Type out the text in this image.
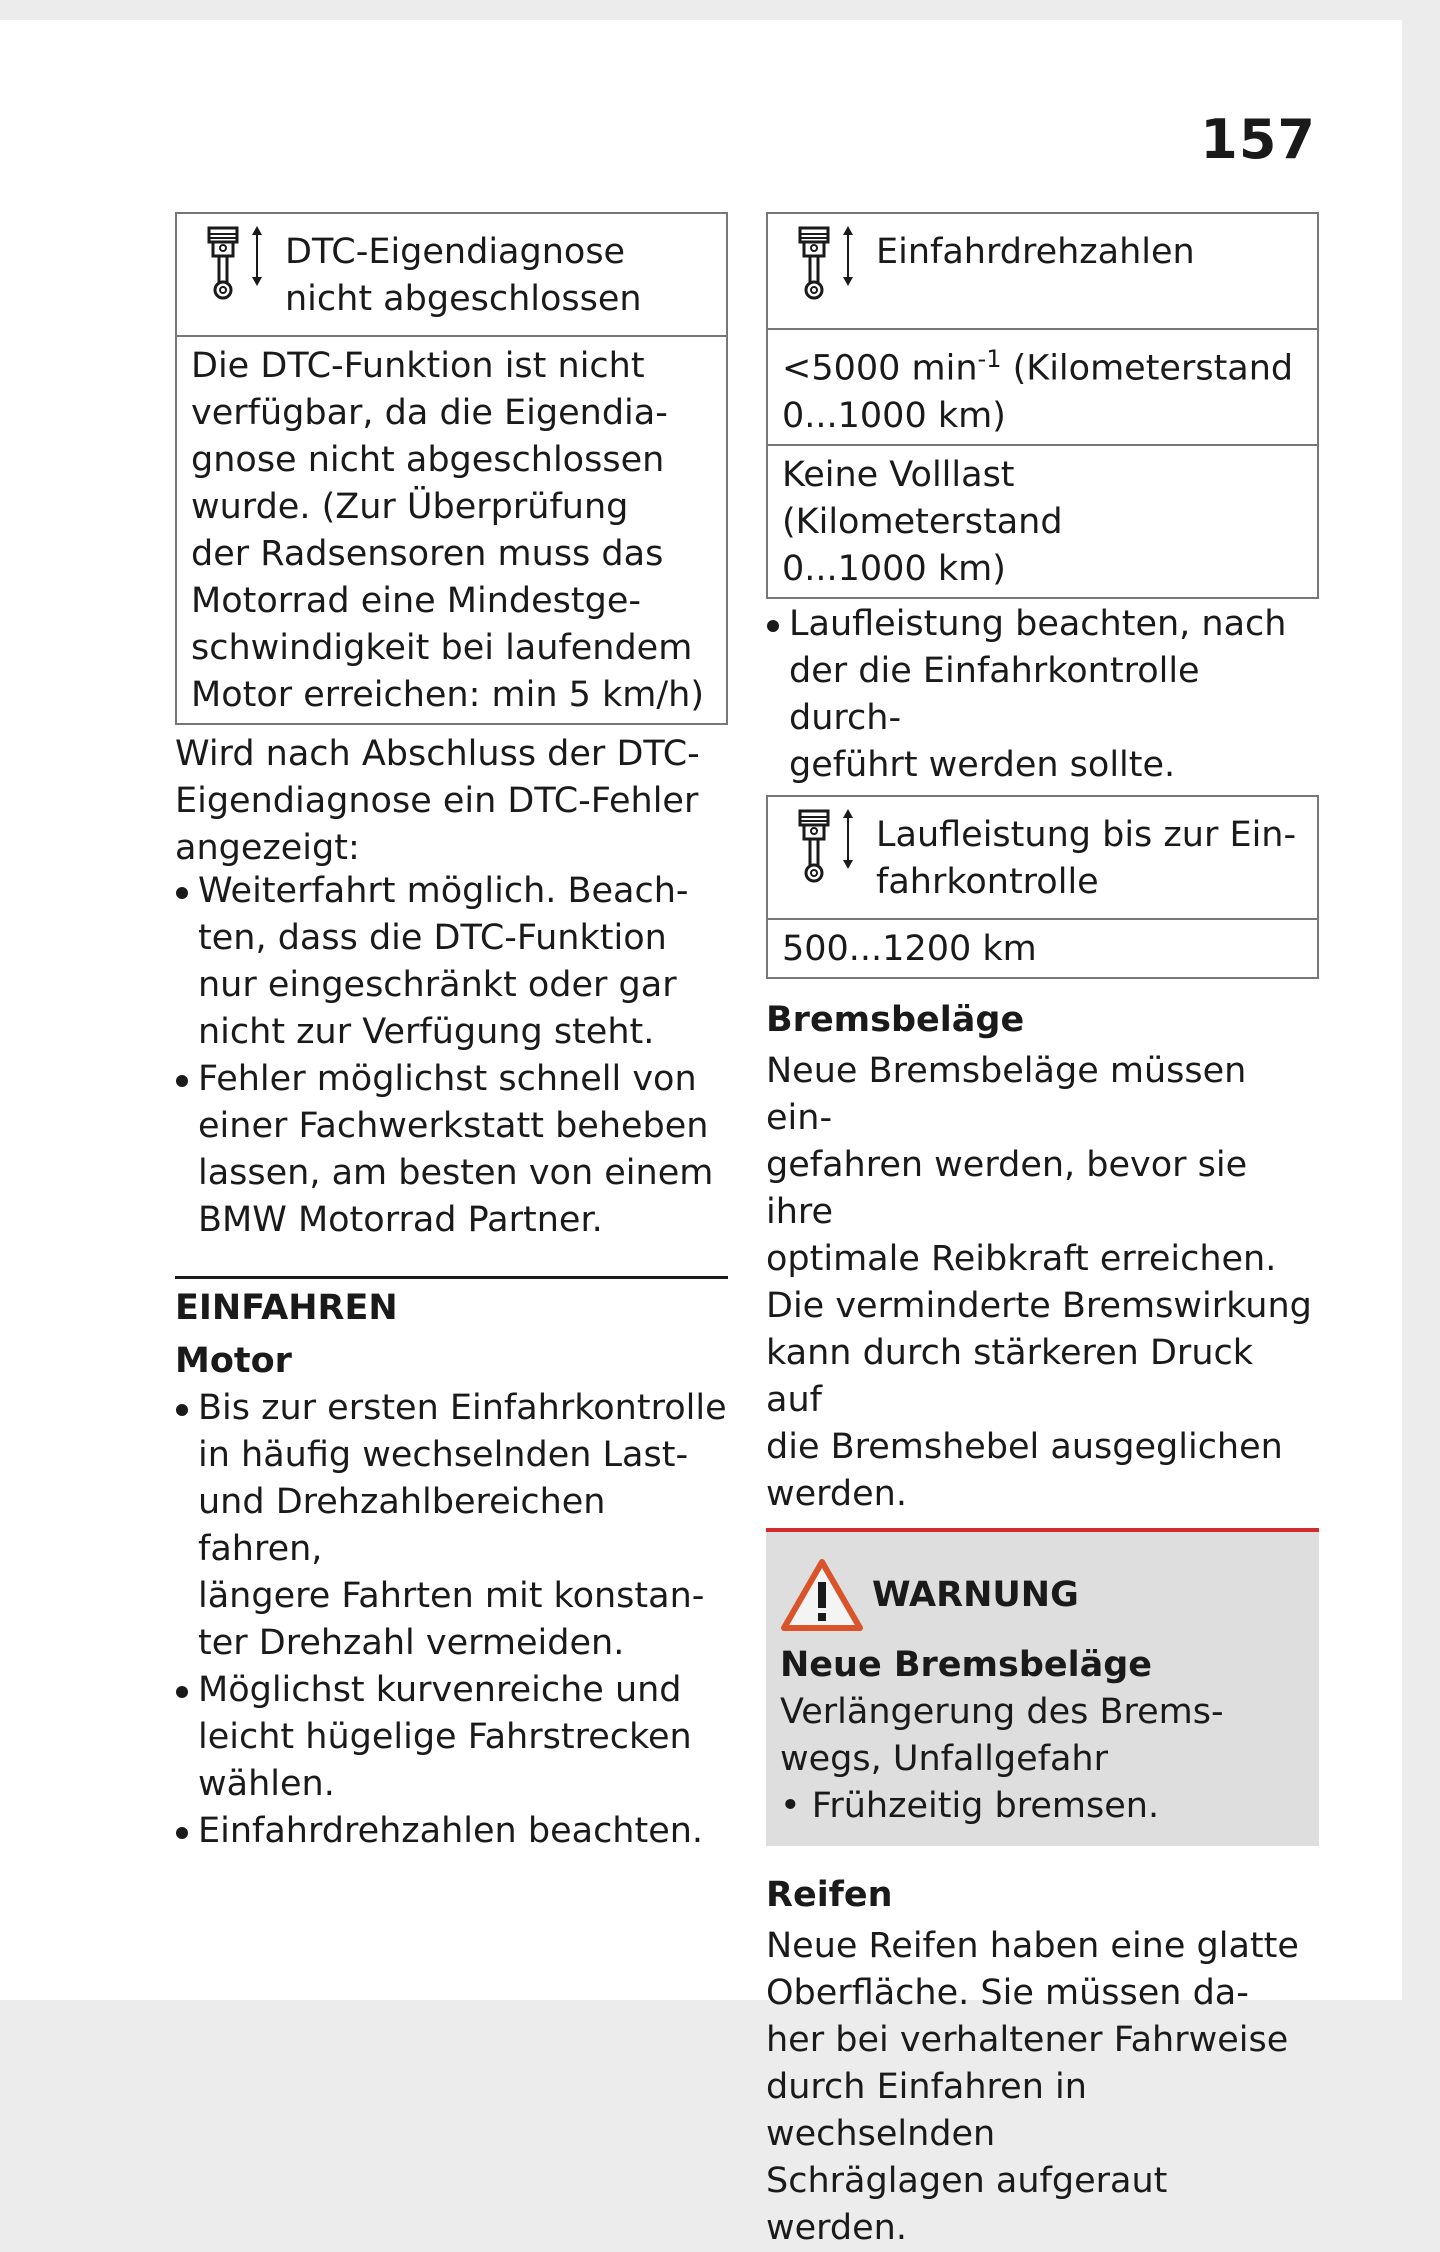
157
DTC-Eigendiagnose
nicht abgeschlossen
Die DTC-Funktion ist nicht
verfügbar, da die Eigendia-
gnose nicht abgeschlossen
wurde. (Zur Überprüfung
der Radsensoren muss das
Motorrad eine Mindestge-
schwindigkeit bei laufendem
Motor erreichen: min 5 km/h)
Wird nach Abschluss der DTC-
Eigendiagnose ein DTC-Fehler
angezeigt:
Weiterfahrt möglich. Beach-
ten, dass die DTC-Funktion
nur eingeschränkt oder gar
nicht zur Verfügung steht.
Fehler möglichst schnell von
einer Fachwerkstatt beheben
lassen, am besten von einem
BMW Motorrad Partner.
EINFAHREN
Motor
Bis zur ersten Einfahrkontrolle
in häufig wechselnden Last-
und Drehzahlbereichen fahren,
längere Fahrten mit konstan-
ter Drehzahl vermeiden.
Möglichst kurvenreiche und
leicht hügelige Fahrstrecken
wählen.
Einfahrdrehzahlen beachten.
Einfahrdrehzahlen
<5000 $\min^{-1}$ (Kilometerstand
0...1000 km)
Keine Volllast (Kilometerstand
0...1000 km)
Laufleistung beachten, nach
der die Einfahrkontrolle durch-
geführt werden sollte.
Laufleistung bis zur Ein-
fahrkontrolle
500...1200 km
Bremsbeläge
Neue Bremsbeläge müssen ein-
gefahren werden, bevor sie ihre
optimale Reibkraft erreichen.
Die verminderte Bremswirkung
kann durch stärkeren Druck auf
die Bremshebel ausgeglichen
werden.
WARNUNG
Neue Bremsbeläge
Verlängerung des Brems-
wegs, Unfallgefahr
• Frühzeitig bremsen.
Reifen
Neue Reifen haben eine glatte
Oberfläche. Sie müssen da-
her bei verhaltener Fahrweise
durch Einfahren in wechselnden
Schräglagen aufgeraut werden.
